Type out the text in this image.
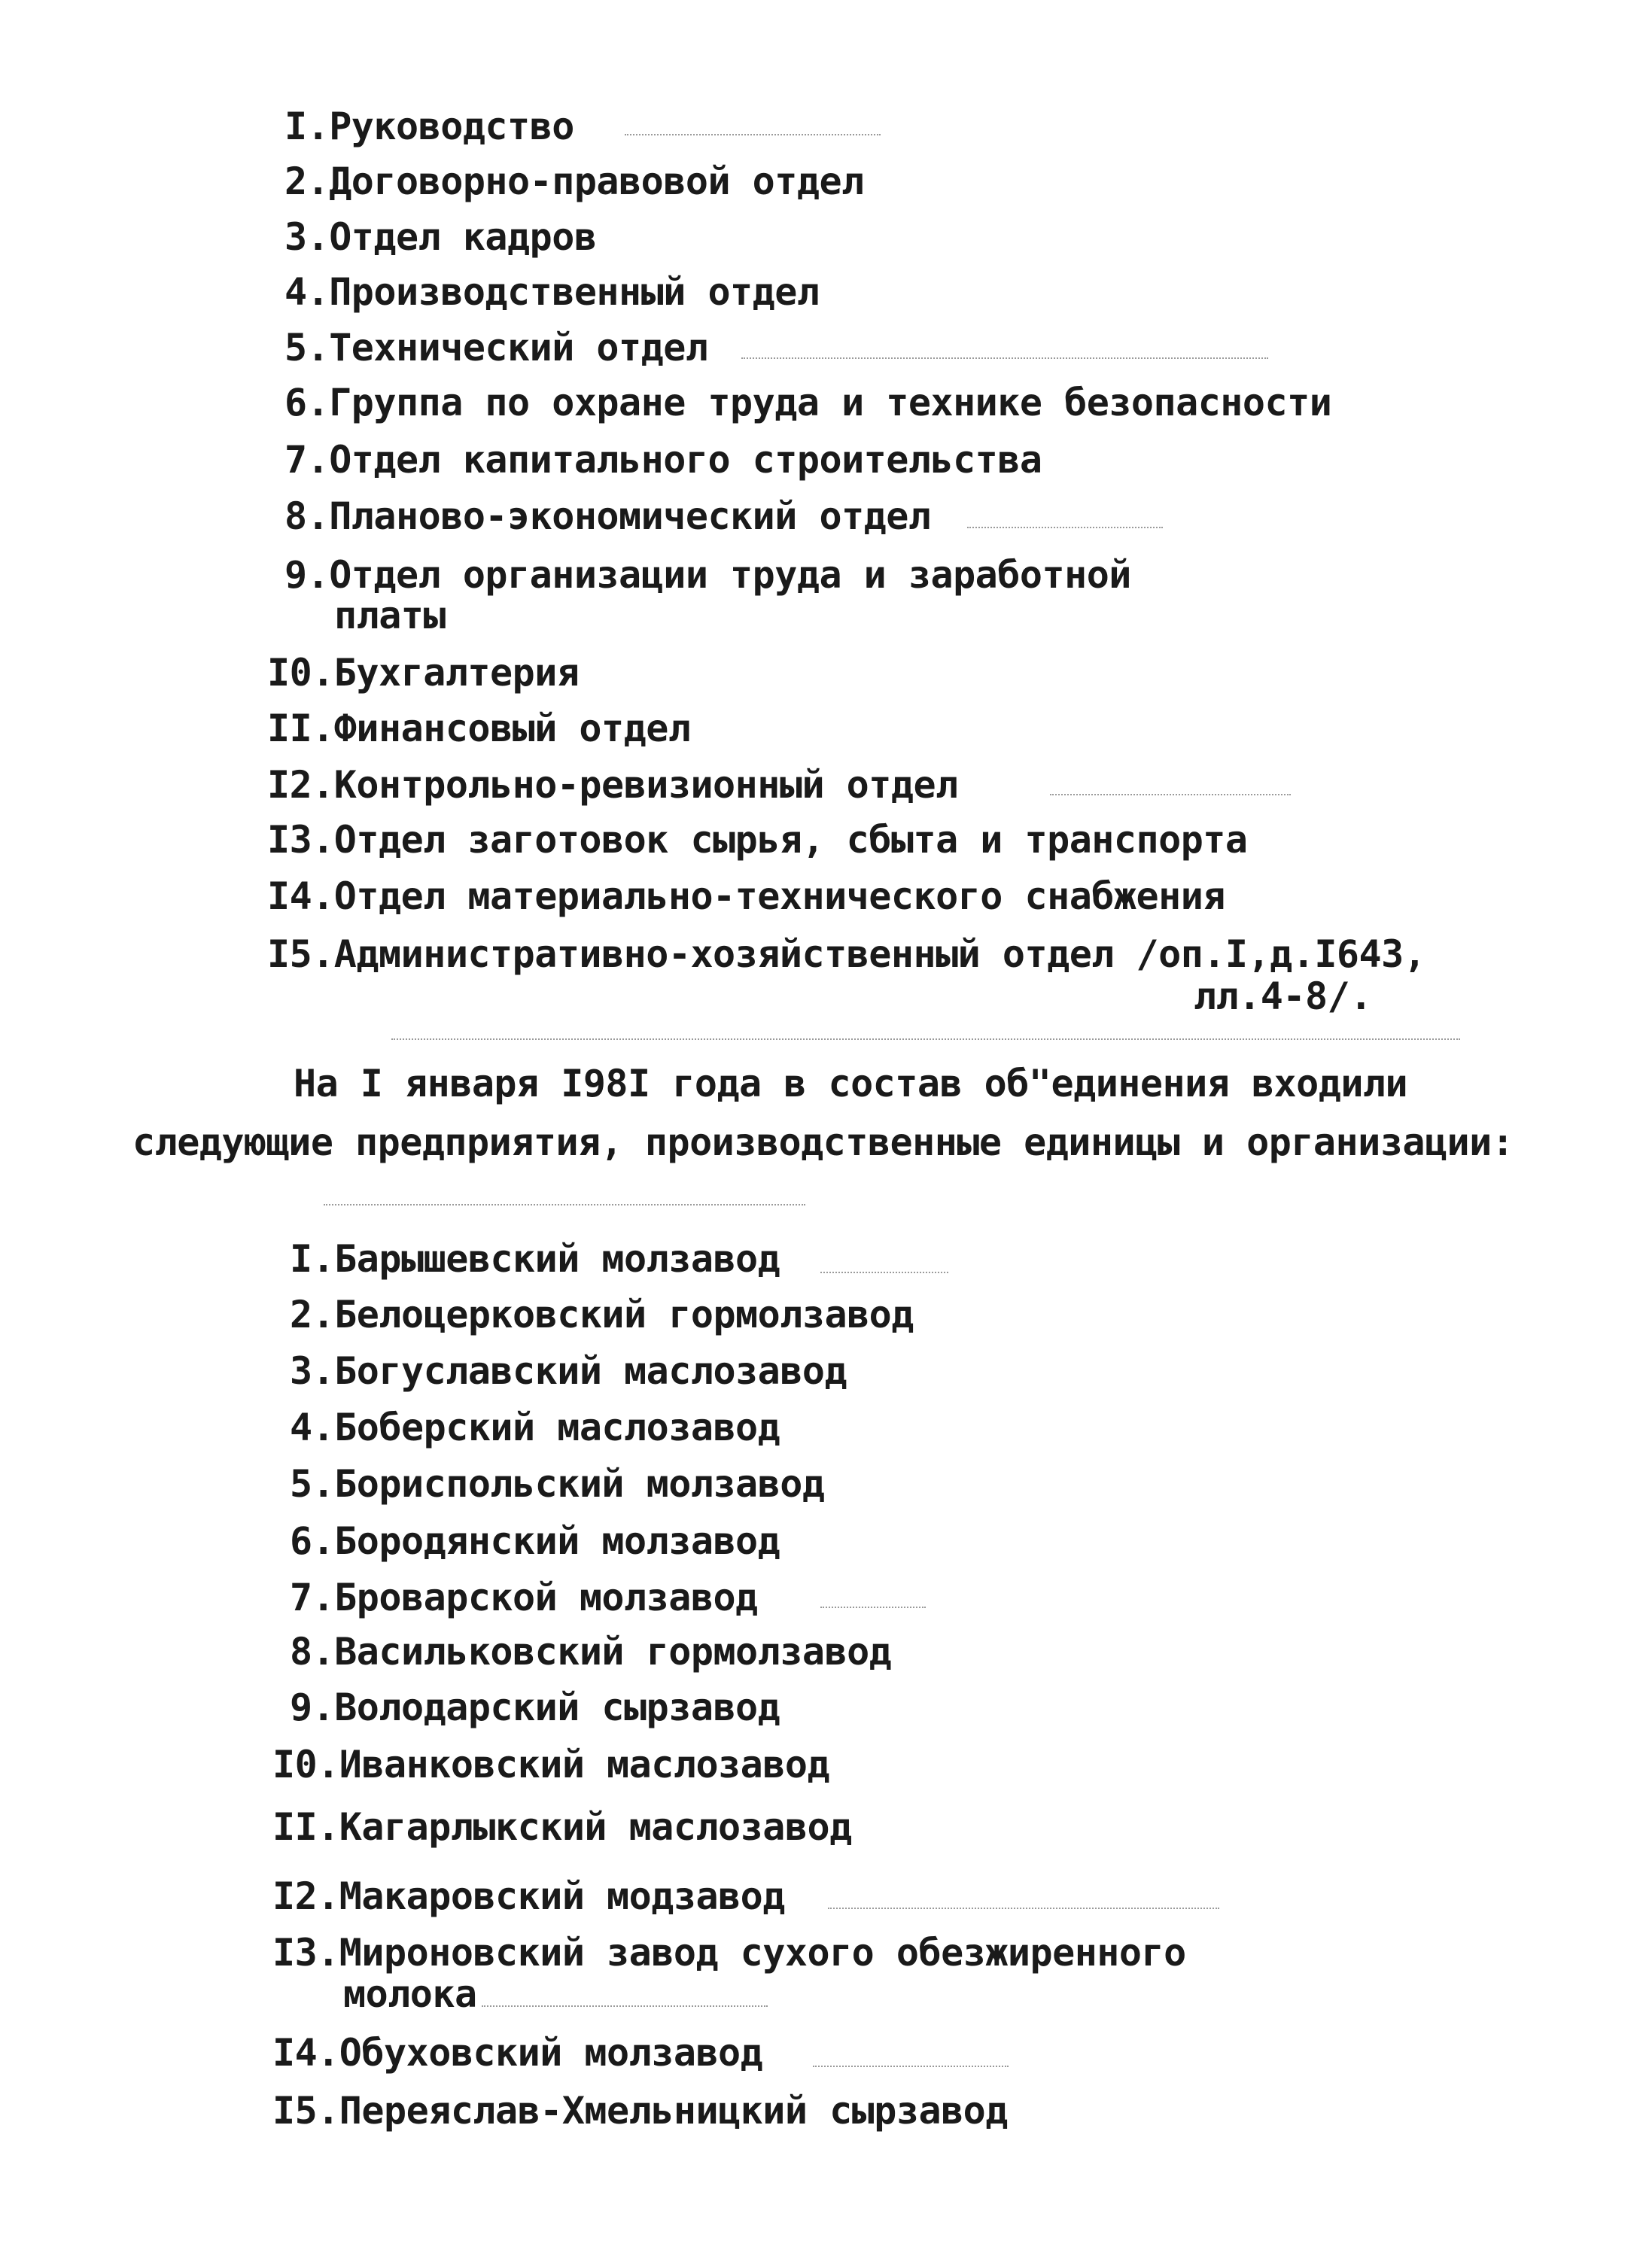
I.Руководство
2.Договорно-правовой отдел
3.Отдел кадров
4.Производственный отдел
5.Технический отдел
6.Группа по охране труда и технике безопасности
7.Отдел капитального строительства
8.Планово-экономический отдел
9.Отдел организации труда и заработной
платы
I0.Бухгалтерия
II.Финансовый отдел
I2.Контрольно-ревизионный отдел
I3.Отдел заготовок сырья, сбыта и транспорта
I4.Отдел материально-технического снабжения
I5.Административно-хозяйственный отдел /оп.I,д.I643,
лл.4-8/.
На I января I98I года в состав об"единения входили
следующие предприятия, производственные единицы и организации:
I.Барышевский молзавод
2.Белоцерковский гормолзавод
3.Богуславский маслозавод
4.Боберский маслозавод
5.Бориспольский молзавод
6.Бородянский молзавод
7.Броварской молзавод
8.Васильковский гормолзавод
9.Володарский сырзавод
I0.Иванковский маслозавод
II.Кагарлыкский маслозавод
I2.Макаровский модзавод
I3.Мироновский завод сухого обезжиренного
молока
I4.Обуховский молзавод
I5.Переяслав-Хмельницкий сырзавод
